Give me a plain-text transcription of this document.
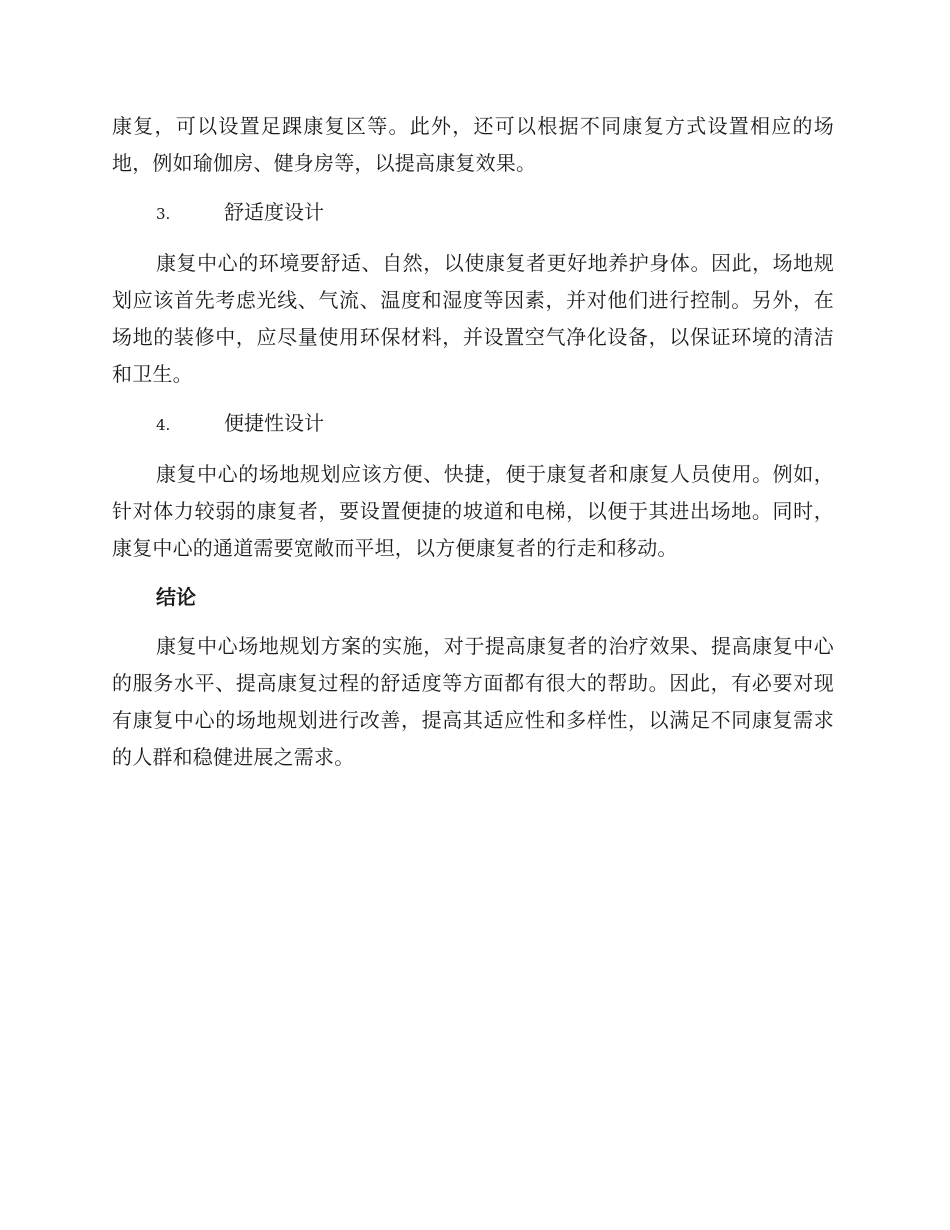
康复，可以设置足踝康复区等。此外，还可以根据不同康复方式设置相应的场地，例如瑜伽房、健身房等，以提高康复效果。

3.	舒适度设计

康复中心的环境要舒适、自然，以使康复者更好地养护身体。因此，场地规划应该首先考虑光线、气流、温度和湿度等因素，并对他们进行控制。另外，在场地的装修中，应尽量使用环保材料，并设置空气净化设备，以保证环境的清洁和卫生。

4.	便捷性设计

康复中心的场地规划应该方便、快捷，便于康复者和康复人员使用。例如，针对体力较弱的康复者，要设置便捷的坡道和电梯，以便于其进出场地。同时，康复中心的通道需要宽敞而平坦，以方便康复者的行走和移动。

结论

康复中心场地规划方案的实施，对于提高康复者的治疗效果、提高康复中心的服务水平、提高康复过程的舒适度等方面都有很大的帮助。因此，有必要对现有康复中心的场地规划进行改善，提高其适应性和多样性，以满足不同康复需求的人群和稳健进展之需求。
